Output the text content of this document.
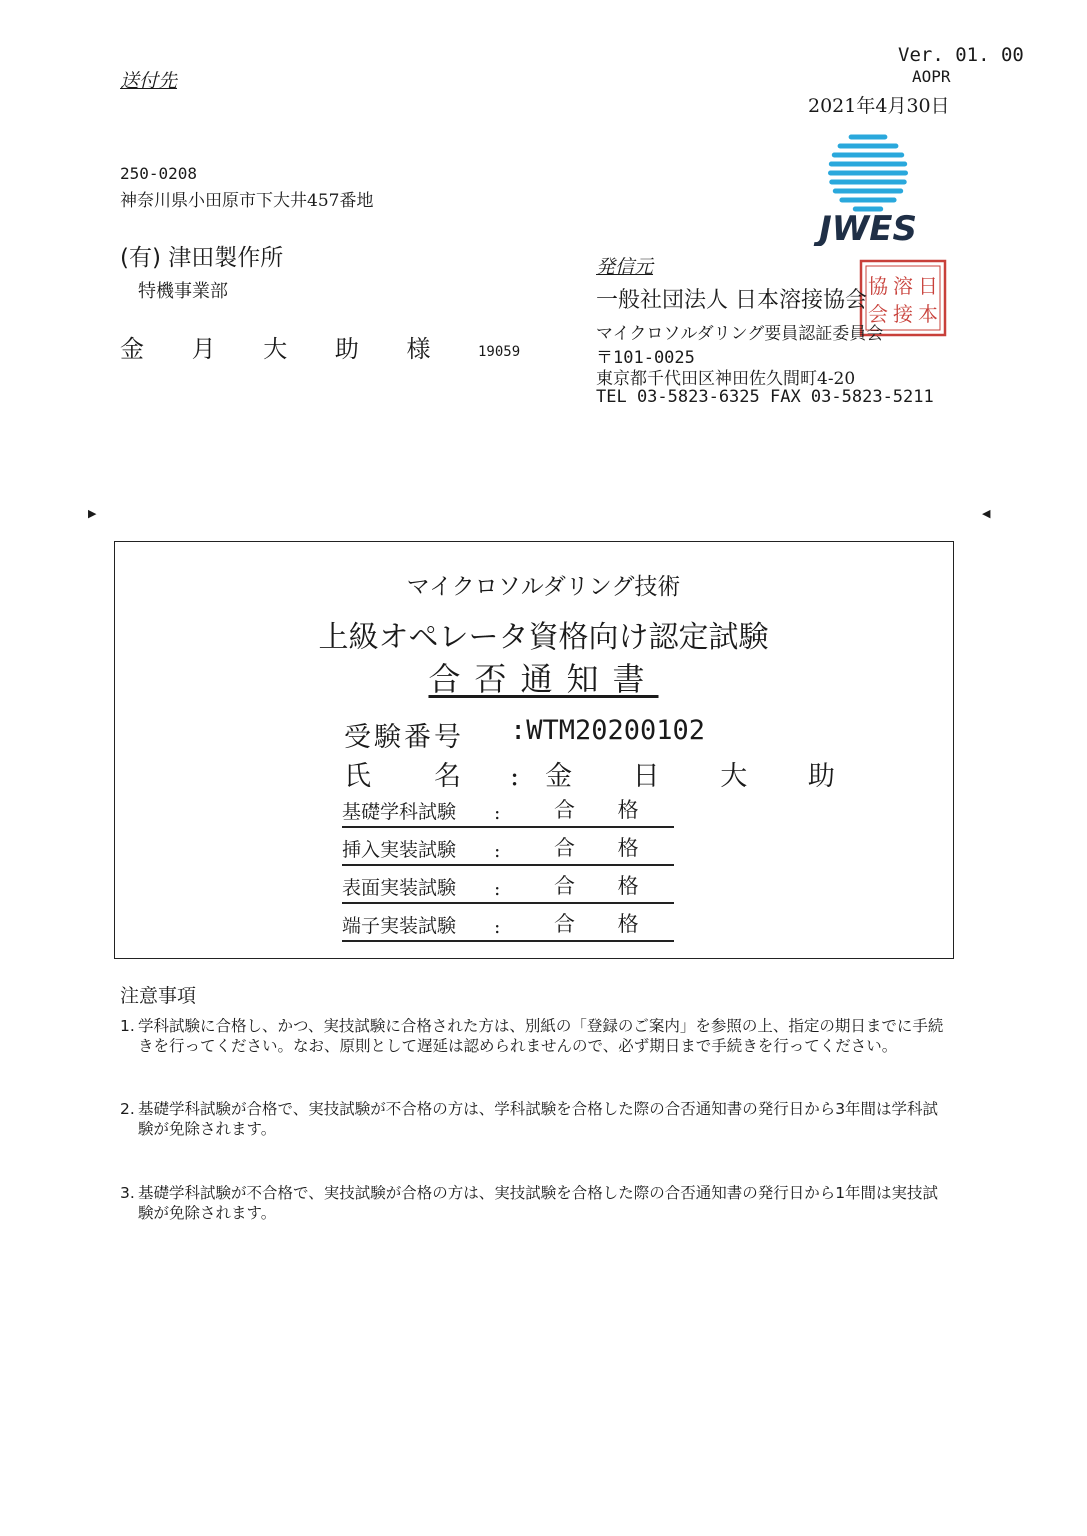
Ver. 01. 00
AOPR
2021年4月30日
送付先
250-0208
神奈川県小田原市下大井457番地
(有) 津田製作所
特機事業部
金 月 大 助 様 19059
JWES
日
本
溶
接
協
会
発信元
一般社団法人 日本溶接協会
マイクロソルダリング要員認証委員会
〒101-0025
東京都千代田区神田佐久間町4-20
TEL 03-5823-6325 FAX 03-5823-5211
▶	◀
マイクロソルダリング技術
上級オペレータ資格向け認定試験
合否通知書
受験番号 :WTM20200102
氏　　名 :金 日 大 助
基礎学科試験 :	合 格
挿入実装試験 :	合 格
表面実装試験 :	合 格
端子実装試験 :	合 格
注意事項
1. 学科試験に合格し、かつ、実技試験に合格された方は、別紙の「登録のご案内」を参照の上、指定の期日までに手続きを行ってください。なお、原則として遅延は認められませんので、必ず期日まで手続きを行ってください。
2. 基礎学科試験が合格で、実技試験が不合格の方は、学科試験を合格した際の合否通知書の発行日から3年間は学科試験が免除されます。
3. 基礎学科試験が不合格で、実技試験が合格の方は、実技試験を合格した際の合否通知書の発行日から1年間は実技試験が免除されます。
